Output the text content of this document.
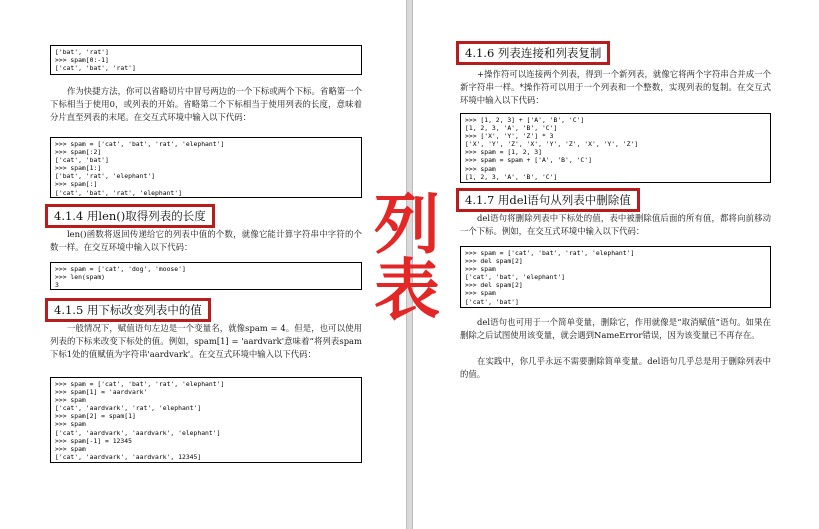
['bat', 'rat']
>>> spam[0:-1]
['cat', 'bat', 'rat']

作为快捷方法，你可以省略切片中冒号两边的一个下标或两个下标。省略第一个下标相当于使用0，或列表的开始。省略第二个下标相当于使用列表的长度，意味着分片直至列表的末尾。在交互式环境中输入以下代码：

>>> spam = ['cat', 'bat', 'rat', 'elephant']
>>> spam[:2]
['cat', 'bat']
>>> spam[1:]
['bat', 'rat', 'elephant']
>>> spam[:]
['cat', 'bat', 'rat', 'elephant']
4.1.4 用len()取得列表的长度

len()函数将返回传递给它的列表中值的个数，就像它能计算字符串中字符的个数一样。在交互环境中输入以下代码：

>>> spam = ['cat', 'dog', 'moose']
>>> len(spam)
3
4.1.5 用下标改变列表中的值

一般情况下，赋值语句左边是一个变量名，就像spam = 4。但是，也可以使用列表的下标来改变下标处的值。例如，spam[1] = 'aardvark'意味着“将列表spam下标1处的值赋值为字符串'aardvark'。在交互式环境中输入以下代码：

>>> spam = ['cat', 'bat', 'rat', 'elephant']
>>> spam[1] = 'aardvark'
>>> spam
['cat', 'aardvark', 'rat', 'elephant']
>>> spam[2] = spam[1]
>>> spam
['cat', 'aardvark', 'aardvark', 'elephant']
>>> spam[-1] = 12345
>>> spam
['cat', 'aardvark', 'aardvark', 12345]
4.1.6 列表连接和列表复制

+操作符可以连接两个列表，得到一个新列表，就像它将两个字符串合并成一个新字符串一样。*操作符可以用于一个列表和一个整数，实现列表的复制。在交互式环境中输入以下代码：

>>> [1, 2, 3] + ['A', 'B', 'C']
[1, 2, 3, 'A', 'B', 'C']
>>> ['X', 'Y', 'Z'] * 3
['X', 'Y', 'Z', 'X', 'Y', 'Z', 'X', 'Y', 'Z']
>>> spam = [1, 2, 3]
>>> spam = spam + ['A', 'B', 'C']
>>> spam
[1, 2, 3, 'A', 'B', 'C']
4.1.7 用del语句从列表中删除值

del语句将删除列表中下标处的值，表中被删除值后面的所有值，都将向前移动一个下标。例如，在交互式环境中输入以下代码：

>>> spam = ['cat', 'bat', 'rat', 'elephant']
>>> del spam[2]
>>> spam
['cat', 'bat', 'elephant']
>>> del spam[2]
>>> spam
['cat', 'bat']

del语句也可用于一个简单变量，删除它，作用就像是“取消赋值”语句。如果在删除之后试图使用该变量，就会遇到NameError错误，因为该变量已不再存在。

在实践中，你几乎永远不需要删除简单变量。del语句几乎总是用于删除列表中的值。

列
表
